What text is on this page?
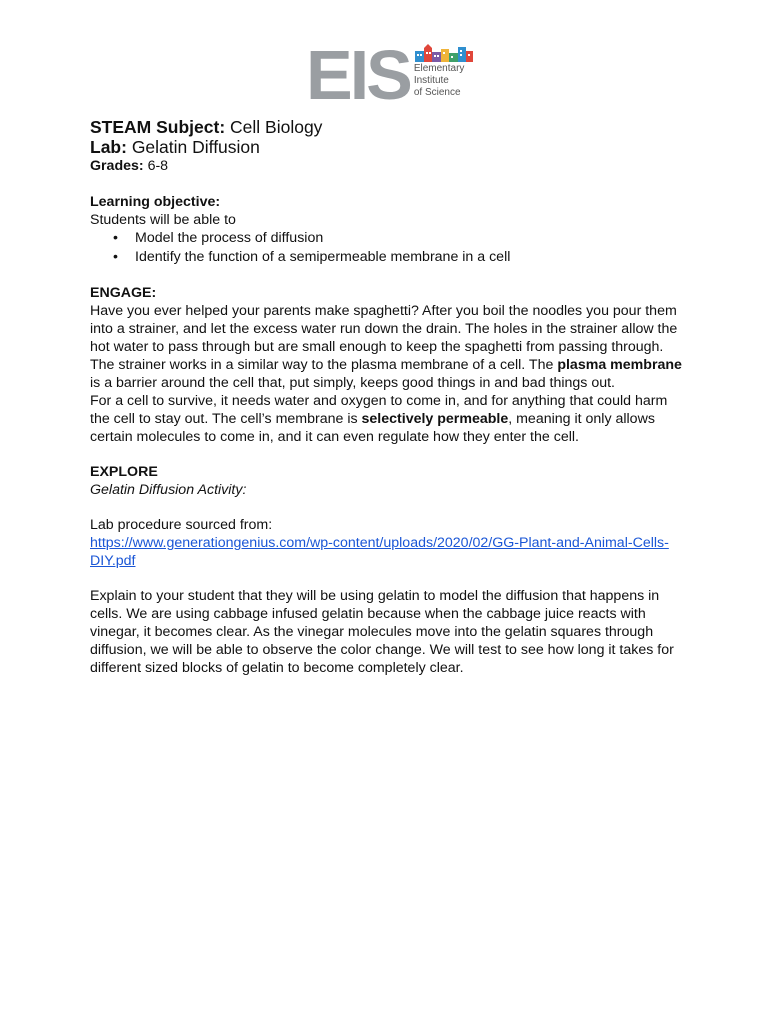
EIS Elementary
Institute
of Science

STEAM Subject: Cell Biology

Lab: Gelatin Diffusion

Grades: 6-8

Learning objective:

Students will be able to

• Model the process of diffusion
• Identify the function of a semipermeable membrane in a cell

ENGAGE:

Have you ever helped your parents make spaghetti? After you boil the noodles you pour them into a strainer, and let the excess water run down the drain. The holes in the strainer allow the hot water to pass through but are small enough to keep the spaghetti from passing through. The strainer works in a similar way to the plasma membrane of a cell. The plasma membrane is a barrier around the cell that, put simply, keeps good things in and bad things out.

For a cell to survive, it needs water and oxygen to come in, and for anything that could harm the cell to stay out. The cell’s membrane is selectively permeable, meaning it only allows certain molecules to come in, and it can even regulate how they enter the cell.

EXPLORE

Gelatin Diffusion Activity:

Lab procedure sourced from:

https://www.generationgenius.com/wp-content/uploads/2020/02/GG-Plant-and-Animal-Cells-DIY.pdf

Explain to your student that they will be using gelatin to model the diffusion that happens in cells. We are using cabbage infused gelatin because when the cabbage juice reacts with vinegar, it becomes clear. As the vinegar molecules move into the gelatin squares through diffusion, we will be able to observe the color change. We will test to see how long it takes for different sized blocks of gelatin to become completely clear.
